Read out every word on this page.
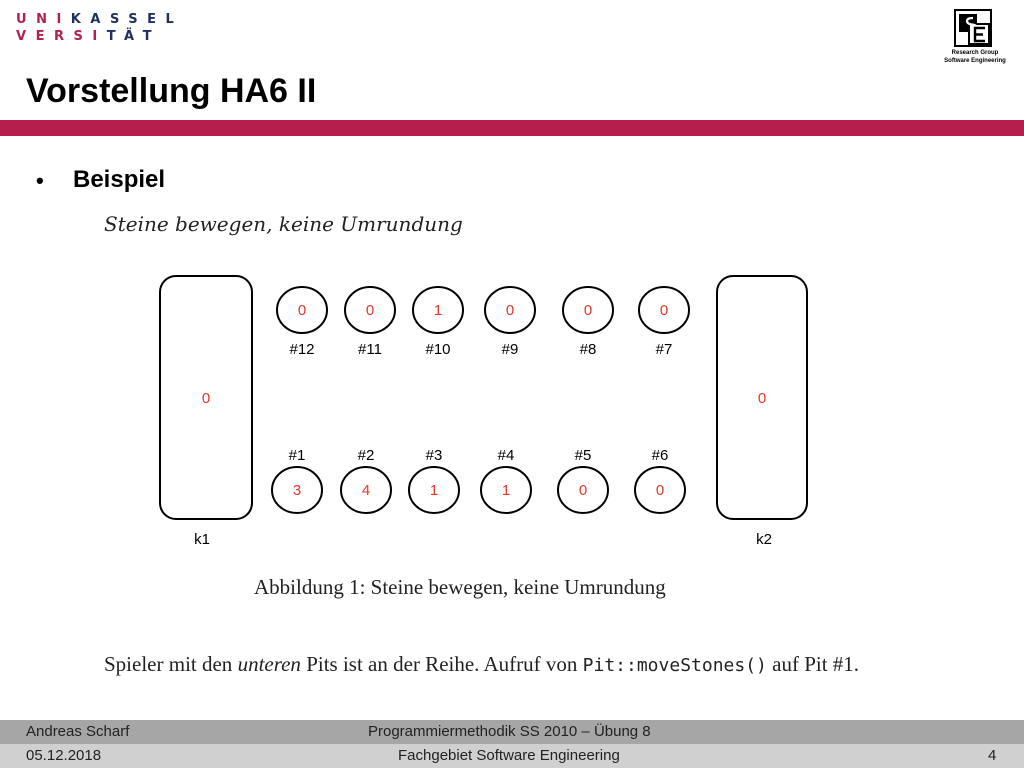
UNIKASSEL
VERSITÄT
Research Group
Software Engineering
Vorstellung HA6 II
• Beispiel
Steine bewegen, keine Umrundung
0
k1
0
k2
0
#12
0
#11
1
#10
0
#9
0
#8
0
#7
3
#1
4
#2
1
#3
1
#4
0
#5
0
#6
Abbildung 1: Steine bewegen, keine Umrundung
Spieler mit den unteren Pits ist an der Reihe. Aufruf von Pit::moveStones() auf Pit #1.
Andreas Scharf	Programmiermethodik SS 2010 – Übung 8
05.12.2018	Fachgebiet Software Engineering	4
